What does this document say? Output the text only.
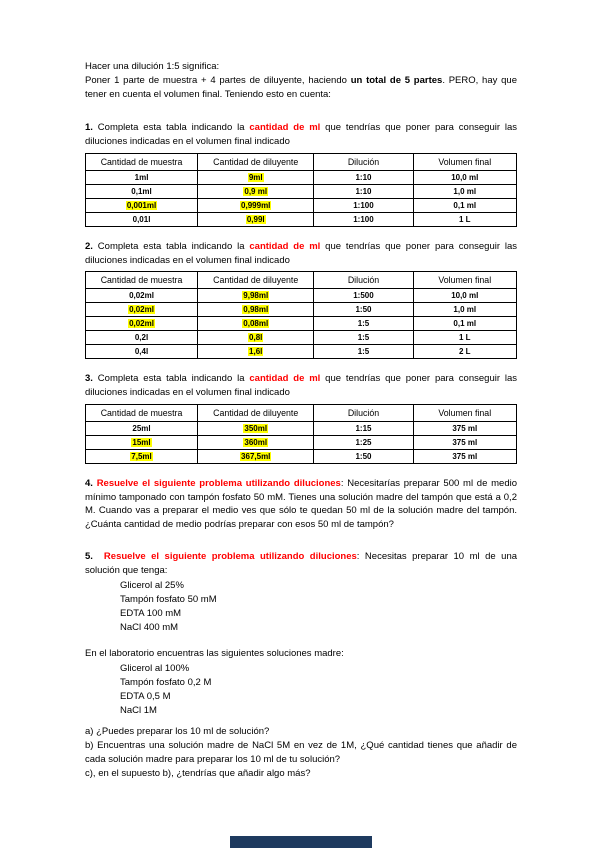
Hacer una dilución 1:5 significa:
Poner 1 parte de muestra + 4 partes de diluyente, haciendo un total de 5 partes. PERO, hay que tener en cuenta el volumen final. Teniendo esto en cuenta:

1. Completa esta tabla indicando la cantidad de ml que tendrías que poner para conseguir las diluciones indicadas en el volumen final indicado

Cantidad de muestra	Cantidad de diluyente	Dilución	Volumen final
1ml	9ml	1:10	10,0 ml
0,1ml	0,9 ml	1:10	1,0 ml
0,001ml	0,999ml	1:100	0,1 ml
0,01l	0,99l	1:100	1 L

2. Completa esta tabla indicando la cantidad de ml que tendrías que poner para conseguir las diluciones indicadas en el volumen final indicado

Cantidad de muestra	Cantidad de diluyente	Dilución	Volumen final
0,02ml	9,98ml	1:500	10,0 ml
0,02ml	0,98ml	1:50	1,0 ml
0,02ml	0,08ml	1:5	0,1 ml
0,2l	0,8l	1:5	1 L
0,4l	1,6l	1:5	2 L

3. Completa esta tabla indicando la cantidad de ml que tendrías que poner para conseguir las diluciones indicadas en el volumen final indicado

Cantidad de muestra	Cantidad de diluyente	Dilución	Volumen final
25ml	350ml	1:15	375 ml
15ml	360ml	1:25	375 ml
7,5ml	367,5ml	1:50	375 ml

4. Resuelve el siguiente problema utilizando diluciones: Necesitarías preparar 500 ml de medio mínimo tamponado con tampón fosfato 50 mM. Tienes una solución madre del tampón que está a 0,2 M. Cuando vas a preparar el medio ves que sólo te quedan 50 ml de la solución madre del tampón. ¿Cuánta cantidad de medio podrías preparar con esos 50 ml de tampón?

5. Resuelve el siguiente problema utilizando diluciones: Necesitas preparar 10 ml de una solución que tenga:

Glicerol al 25%
Tampón fosfato 50 mM
EDTA 100 mM
NaCl 400 mM
En el laboratorio encuentras las siguientes soluciones madre:
Glicerol al 100%
Tampón fosfato 0,2 M
EDTA 0,5 M
NaCl 1M
a) ¿Puedes preparar los 10 ml de solución?
b) Encuentras una solución madre de NaCl 5M en vez de 1M, ¿Qué cantidad tienes que añadir de cada solución madre para preparar los 10 ml de tu solución?
c), en el supuesto b), ¿tendrías que añadir algo más?
